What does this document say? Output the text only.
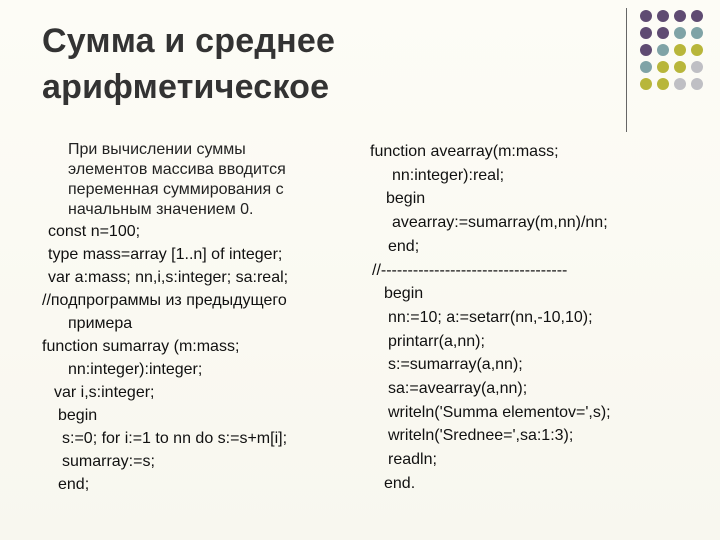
Сумма и среднее
арифметическое
При вычислении суммы
элементов массива вводится
переменная суммирования с
начальным значением 0.
const n=100;
type mass=array [1..n] of integer;
var a:mass; nn,i,s:integer; sa:real;
//подпрограммы из предыдущего
примера
function sumarray (m:mass;
nn:integer):integer;
var i,s:integer;
begin
s:=0; for i:=1 to nn do s:=s+m[i];
sumarray:=s;
end;
function avearray(m:mass;
nn:integer):real;
begin
avearray:=sumarray(m,nn)/nn;
end;
//-----------------------------------
begin
nn:=10; a:=setarr(nn,-10,10);
printarr(a,nn);
s:=sumarray(a,nn);
sa:=avearray(a,nn);
writeln('Summa elementov=',s);
writeln('Srednee=',sa:1:3);
readln;
end.
